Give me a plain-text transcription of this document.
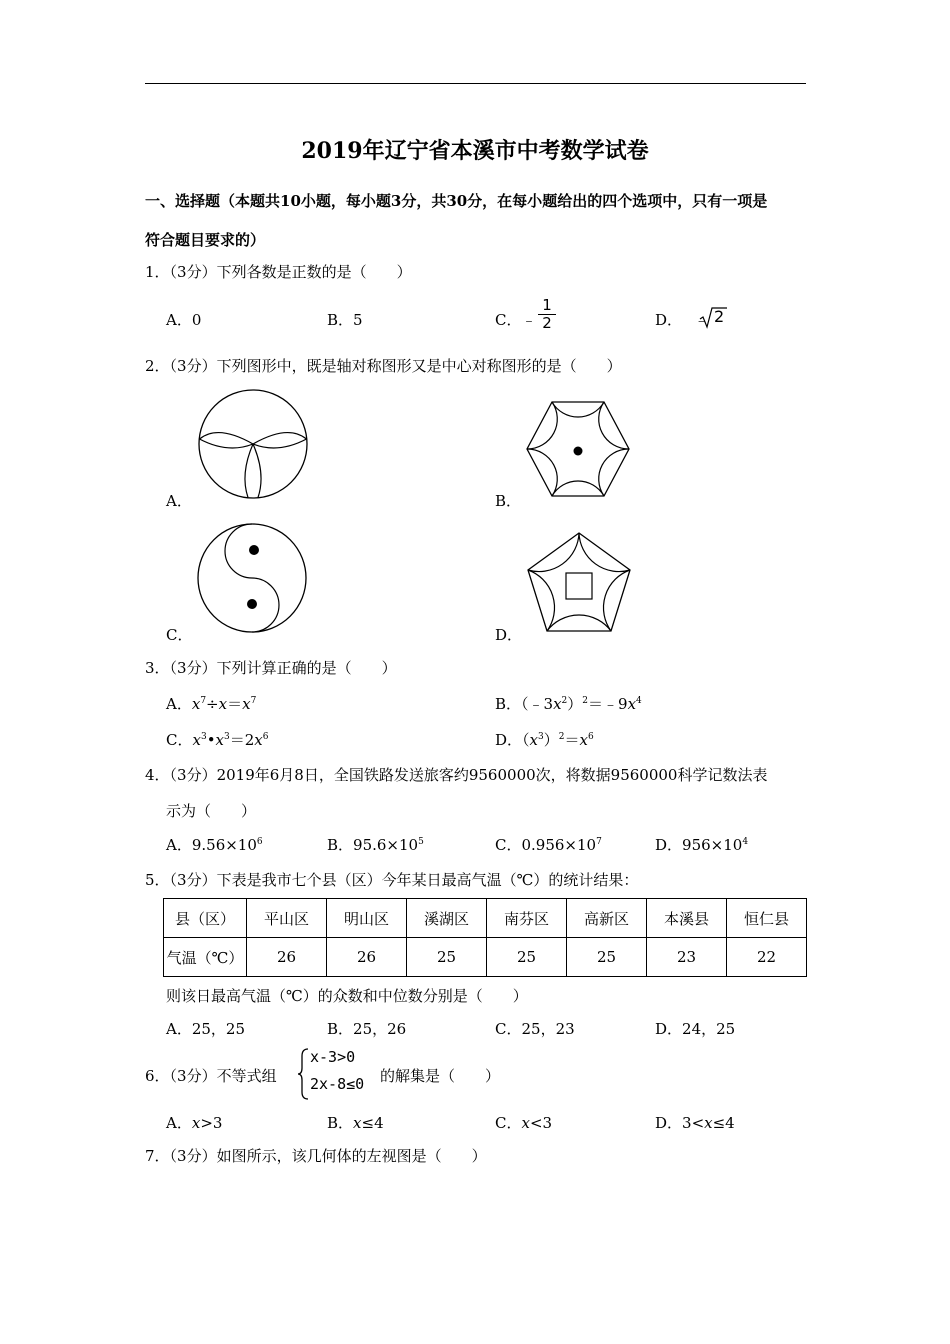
2019年辽宁省本溪市中考数学试卷
一、选择题（本题共10小题，每小题3分，共30分，在每小题给出的四个选项中，只有一项是
符合题目要求的）
1．（3分）下列各数是正数的是（　　）
A．0	B．5	C．﹣ $\frac{1}{2}$	D． ﹣ 2
2．（3分）下列图形中，既是轴对称图形又是中心对称图形的是（　　）
A．	B．
C．	D．
3．（3分）下列计算正确的是（　　）
A．$x^7\div x=x^7$	B．$(﹣3x^2)^2=﹣9x^4$
C．$x^3•x^3=2x^6$	D．$(x^3)^2=x^6$
4．（3分）2019年6月8日，全国铁路发送旅客约9560000次，将数据9560000科学记数法表
示为（　　）
A．$9.56\times 10^6$	B．$95.6\times 10^5$	C．$0.956\times 10^7$	D．$956\times 10^4$
5．（3分）下表是我市七个县（区）今年某日最高气温（℃）的统计结果：
县（区）	平山区	明山区	溪湖区	南芬区	高新区	本溪县	恒仁县
气温（℃）	26	26	25	25	25	23	22
则该日最高气温（℃）的众数和中位数分别是（　　）
A．25，25	B．25，26	C．25，23	D．24，25
6．（3分）不等式组
x-3>0
2x-8≤0 的解集是（　　）
A．x>3	B．x≤4	C．x<3	D．3<x≤4
7．（3分）如图所示，该几何体的左视图是（　　）
